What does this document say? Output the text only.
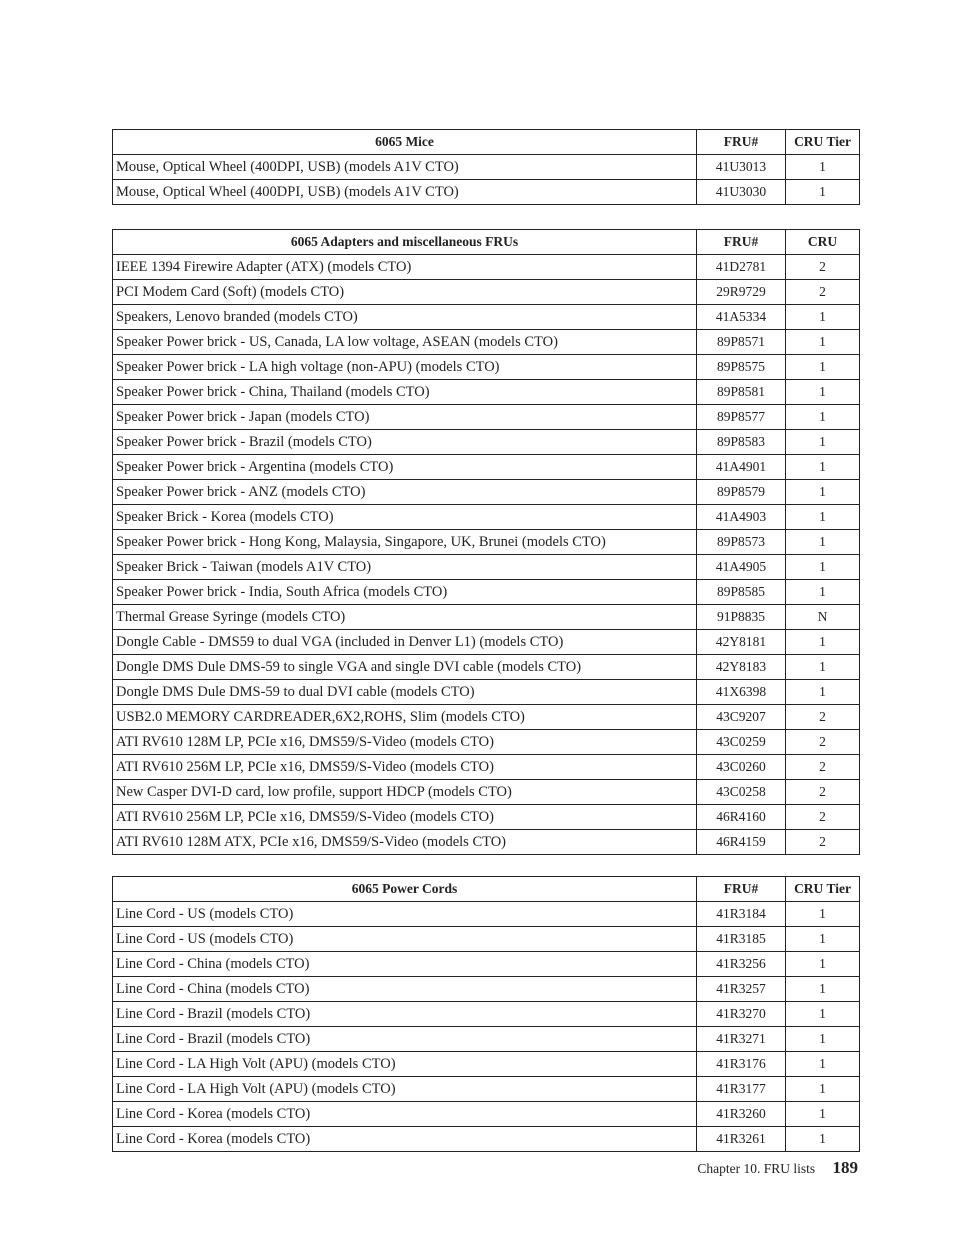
6065 Mice	FRU#	CRU Tier
Mouse, Optical Wheel (400DPI, USB) (models A1V CTO)	41U3013	1
Mouse, Optical Wheel (400DPI, USB) (models A1V CTO)	41U3030	1
6065 Adapters and miscellaneous FRUs	FRU#	CRU
IEEE 1394 Firewire Adapter (ATX) (models CTO)	41D2781	2
PCI Modem Card (Soft) (models CTO)	29R9729	2
Speakers, Lenovo branded (models CTO)	41A5334	1
Speaker Power brick - US, Canada, LA low voltage, ASEAN (models CTO)	89P8571	1
Speaker Power brick - LA high voltage (non-APU) (models CTO)	89P8575	1
Speaker Power brick - China, Thailand (models CTO)	89P8581	1
Speaker Power brick - Japan (models CTO)	89P8577	1
Speaker Power brick - Brazil (models CTO)	89P8583	1
Speaker Power brick - Argentina (models CTO)	41A4901	1
Speaker Power brick - ANZ (models CTO)	89P8579	1
Speaker Brick - Korea (models CTO)	41A4903	1
Speaker Power brick - Hong Kong, Malaysia, Singapore, UK, Brunei (models CTO)	89P8573	1
Speaker Brick - Taiwan (models A1V CTO)	41A4905	1
Speaker Power brick - India, South Africa (models CTO)	89P8585	1
Thermal Grease Syringe (models CTO)	91P8835	N
Dongle Cable - DMS59 to dual VGA (included in Denver L1) (models CTO)	42Y8181	1
Dongle DMS Dule DMS-59 to single VGA and single DVI cable (models CTO)	42Y8183	1
Dongle DMS Dule DMS-59 to dual DVI cable (models CTO)	41X6398	1
USB2.0 MEMORY CARDREADER,6X2,ROHS, Slim (models CTO)	43C9207	2
ATI RV610 128M LP, PCIe x16, DMS59/S-Video (models CTO)	43C0259	2
ATI RV610 256M LP, PCIe x16, DMS59/S-Video (models CTO)	43C0260	2
New Casper DVI-D card, low profile, support HDCP (models CTO)	43C0258	2
ATI RV610 256M LP, PCIe x16, DMS59/S-Video (models CTO)	46R4160	2
ATI RV610 128M ATX, PCIe x16, DMS59/S-Video (models CTO)	46R4159	2
6065 Power Cords	FRU#	CRU Tier
Line Cord - US (models CTO)	41R3184	1
Line Cord - US (models CTO)	41R3185	1
Line Cord - China (models CTO)	41R3256	1
Line Cord - China (models CTO)	41R3257	1
Line Cord - Brazil (models CTO)	41R3270	1
Line Cord - Brazil (models CTO)	41R3271	1
Line Cord - LA High Volt (APU) (models CTO)	41R3176	1
Line Cord - LA High Volt (APU) (models CTO)	41R3177	1
Line Cord - Korea (models CTO)	41R3260	1
Line Cord - Korea (models CTO)	41R3261	1
Chapter 10. FRU lists 189
